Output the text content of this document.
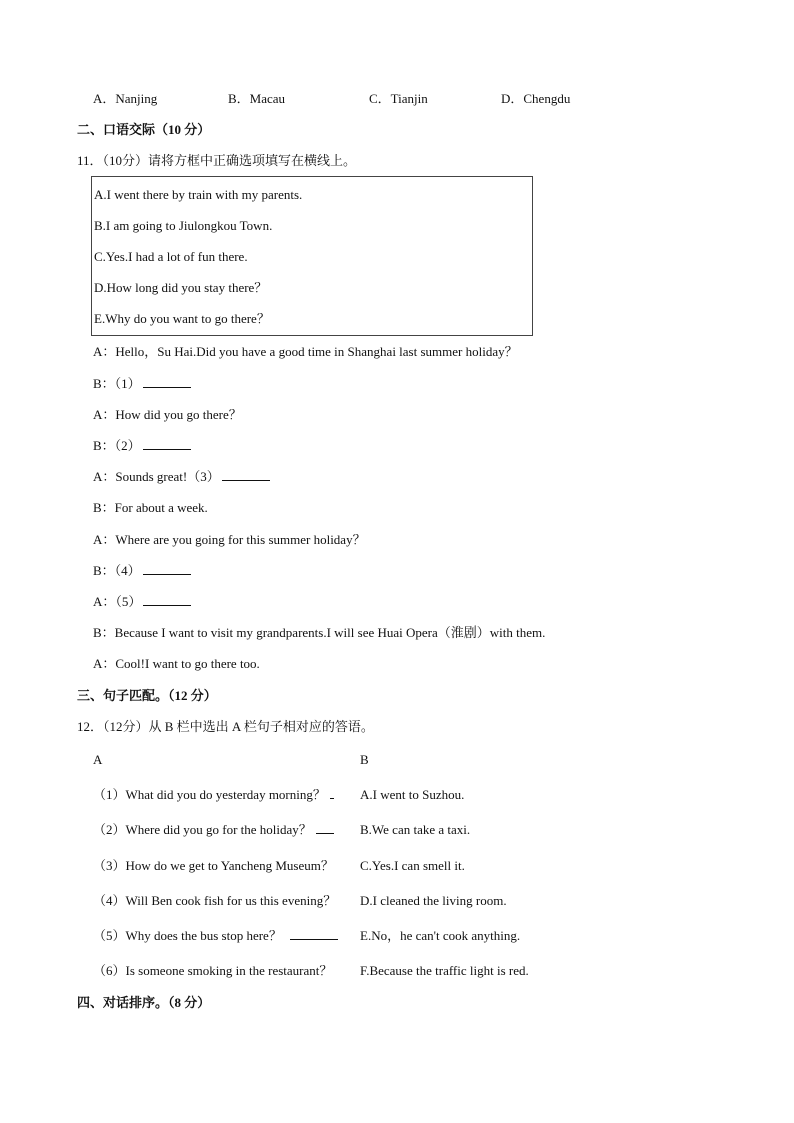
A．Nanjing	B．Macau	C．Tianjin	D．Chengdu
二、口语交际（10 分）
11．（10分）请将方框中正确选项填写在横线上。
A.I went there by train with my parents.
B.I am going to Jiulongkou Town.
C.Yes.I had a lot of fun there.
D.How long did you stay there？
E.Why do you want to go there？
A：Hello，Su Hai.Did you have a good time in Shanghai last summer holiday？
B：（1）
A：How did you go there？
B：（2）
A：Sounds great!（3）
B：For about a week.
A：Where are you going for this summer holiday？
B：（4）
A：（5）
B：Because I want to visit my grandparents.I will see Huai Opera（淮剧）with them.
A：Cool!I want to go there too.
三、句子匹配。（12 分）
12．（12分）从 B 栏中选出 A 栏句子相对应的答语。
A	B
（1）What did you do yesterday morning？	A.I went to Suzhou.
（2）Where did you go for the holiday？	B.We can take a taxi.
（3）How do we get to Yancheng Museum？ C.Yes.I can smell it.
（4）Will Ben cook fish for us this evening？ D.I cleaned the living room.
（5）Why does the bus stop here？	E.No，he can't cook anything.
（6）Is someone smoking in the restaurant？ F.Because the traffic light is red.
四、对话排序。（8 分）
